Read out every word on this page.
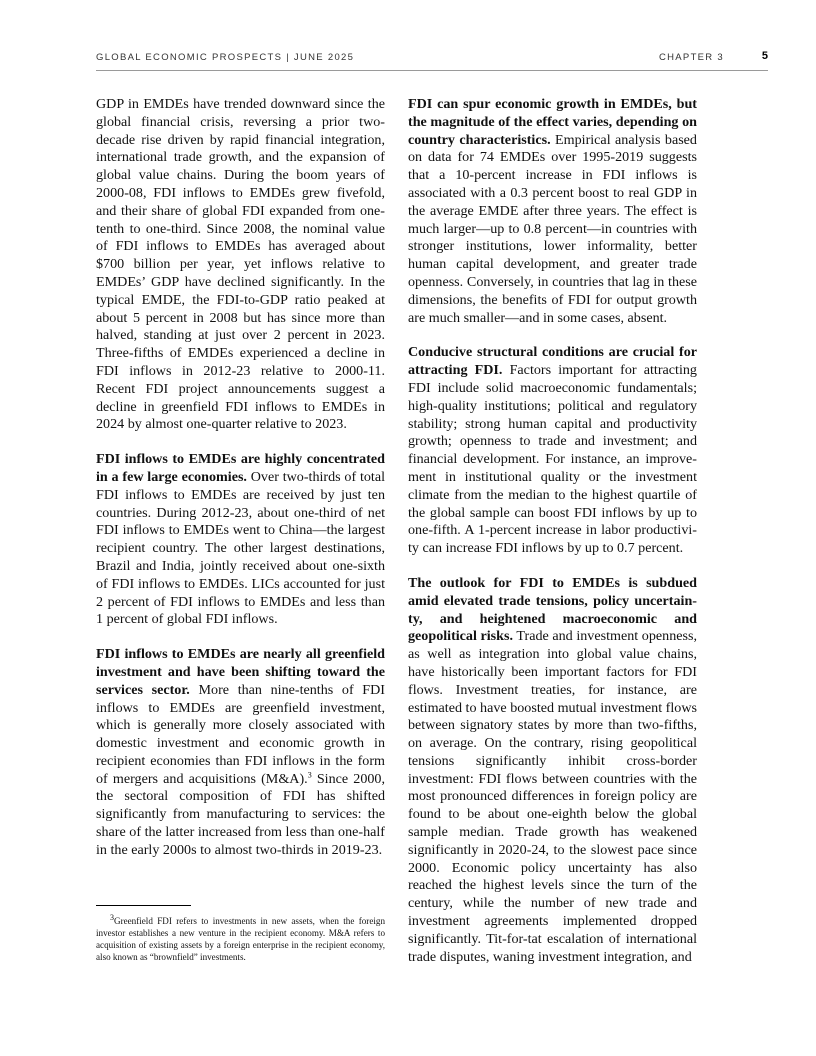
GLOBAL ECONOMIC PROSPECTS | JUNE 2025	CHAPTER 3	5

GDP in EMDEs have trended downward since the global financial crisis, reversing a prior two-decade rise driven by rapid financial integration, international trade growth, and the expansion of global value chains. During the boom years of 2000-08, FDI inflows to EMDEs grew fivefold, and their share of global FDI expanded from one-tenth to one-third. Since 2008, the nominal value of FDI inflows to EMDEs has averaged about $700 billion per year, yet inflows relative to EMDEs’ GDP have declined significantly. In the typical EMDE, the FDI-to-GDP ratio peaked at about 5 percent in 2008 but has since more than halved, standing at just over 2 percent in 2023. Three-fifths of EMDEs experienced a decline in FDI inflows in 2012-23 relative to 2000-11. Recent FDI project announcements suggest a decline in greenfield FDI inflows to EMDEs in 2024 by almost one-quarter relative to 2023.

FDI inflows to EMDEs are highly concentrated in a few large economies. Over two-thirds of total FDI inflows to EMDEs are received by just ten countries. During 2012-23, about one-third of net FDI inflows to EMDEs went to China—the largest recipient country. The other largest destinations, Brazil and India, jointly received about one-sixth of FDI inflows to EMDEs. LICs accounted for just 2 percent of FDI inflows to EMDEs and less than 1 percent of global FDI inflows.

FDI inflows to EMDEs are nearly all greenfield investment and have been shifting toward the services sector. More than nine-tenths of FDI inflows to EMDEs are greenfield investment, which is generally more closely associated with domestic investment and economic growth in recipient economies than FDI inflows in the form of mergers and acquisitions (M&A).$^3$ Since 2000, the sectoral composition of FDI has shifted significantly from manufacturing to services: the share of the latter increased from less than one-half in the early 2000s to almost two-thirds in 2019-23.

FDI can spur economic growth in EMDEs, but the magnitude of the effect varies, depending on country characteristics. Empirical analysis based on data for 74 EMDEs over 1995-2019 suggests that a 10-percent increase in FDI inflows is associated with a 0.3 percent boost to real GDP in the average EMDE after three years. The effect is much larger—up to 0.8 percent—in countries with stronger institutions, lower informality, better human capital development, and greater trade openness. Conversely, in countries that lag in these dimensions, the benefits of FDI for output growth are much smaller—and in some cases, absent.

Conducive structural conditions are crucial for attracting FDI. Factors important for attracting FDI include solid macroeconomic fundamentals; high-quality institutions; political and regulatory stability; strong human capital and productivity growth; openness to trade and investment; and financial development. For instance, an improvement in institutional quality or the investment climate from the median to the highest quartile of the global sample can boost FDI inflows by up to one-fifth. A 1-percent increase in labor productivity can increase FDI inflows by up to 0.7 percent.

The outlook for FDI to EMDEs is subdued amid elevated trade tensions, policy uncertainty, and heightened macroeconomic and geopolitical risks. Trade and investment openness, as well as integration into global value chains, have historically been important factors for FDI flows. Investment treaties, for instance, are estimated to have boosted mutual investment flows between signatory states by more than two-fifths, on average. On the contrary, rising geopolitical tensions significantly inhibit cross-border investment: FDI flows between countries with the most pronounced differences in foreign policy are found to be about one-eighth below the global sample median. Trade growth has weakened significantly in 2020-24, to the slowest pace since 2000. Economic policy uncertainty has also reached the highest levels since the turn of the century, while the number of new trade and investment agreements implemented dropped significantly. Tit-for-tat escalation of international trade disputes, waning investment integration, and

$^3$Greenfield FDI refers to investments in new assets, when the foreign investor establishes a new venture in the recipient economy. M&A refers to acquisition of existing assets by a foreign enterprise in the recipient economy, also known as “brownfield” investments.
